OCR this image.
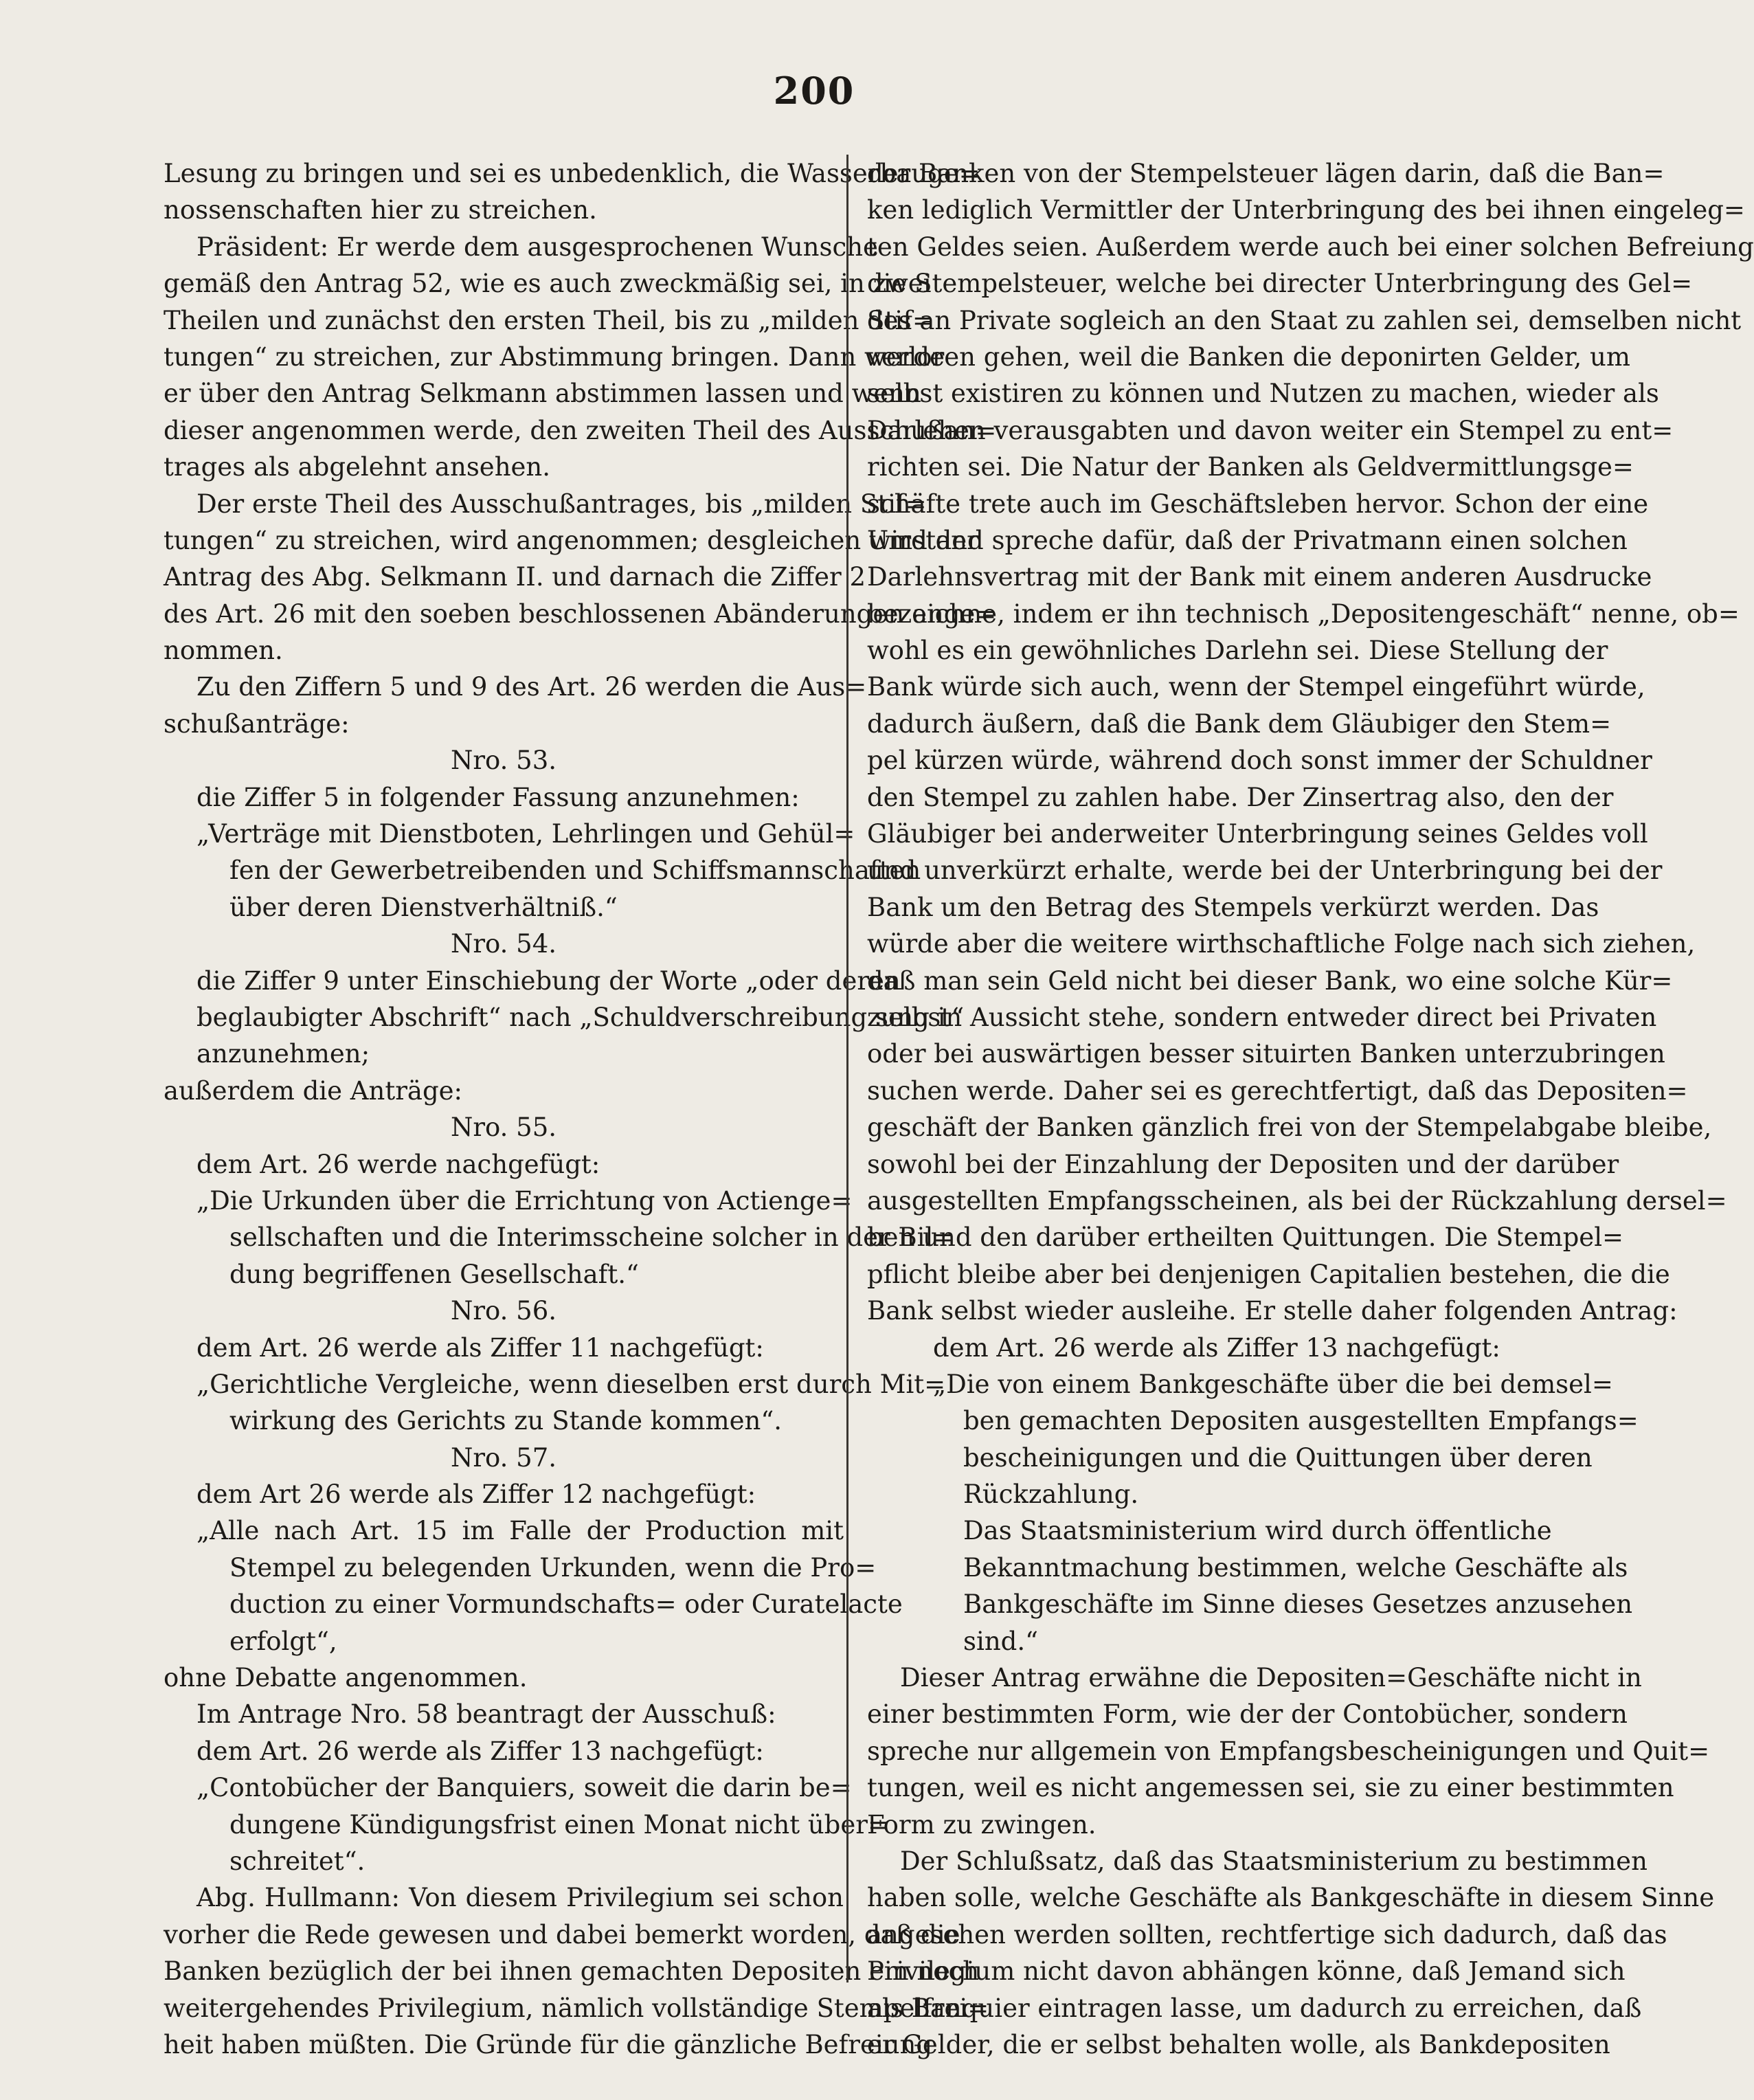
200
Lesung zu bringen und sei es unbedenklich, die Wasserbauge=
nossenschaften hier zu streichen.
Präsident: Er werde dem ausgesprochenen Wunsche
gemäß den Antrag 52, wie es auch zweckmäßig sei, in zwei
Theilen und zunächst den ersten Theil, bis zu „milden Stif=
tungen“ zu streichen, zur Abstimmung bringen. Dann werde
er über den Antrag Selkmann abstimmen lassen und wenn
dieser angenommen werde, den zweiten Theil des Ausschußan=
trages als abgelehnt ansehen.
Der erste Theil des Ausschußantrages, bis „milden Stif=
tungen“ zu streichen, wird angenommen; desgleichen wird der
Antrag des Abg. Selkmann II. und darnach die Ziffer 2
des Art. 26 mit den soeben beschlossenen Abänderungen ange=
nommen.
Zu den Ziffern 5 und 9 des Art. 26 werden die Aus=
schußanträge:
Nro. 53.
die Ziffer 5 in folgender Fassung anzunehmen:
„Verträge mit Dienstboten, Lehrlingen und Gehül=
fen der Gewerbetreibenden und Schiffsmannschaften
über deren Dienstverhältniß.“
Nro. 54.
die Ziffer 9 unter Einschiebung der Worte „oder deren
beglaubigter Abschrift“ nach „Schuldverschreibung selbst“
anzunehmen;
außerdem die Anträge:
Nro. 55.
dem Art. 26 werde nachgefügt:
„Die Urkunden über die Errichtung von Actienge=
sellschaften und die Interimsscheine solcher in der Bil=
dung begriffenen Gesellschaft.“
Nro. 56.
dem Art. 26 werde als Ziffer 11 nachgefügt:
„Gerichtliche Vergleiche, wenn dieselben erst durch Mit=
wirkung des Gerichts zu Stande kommen“.
Nro. 57.
dem Art 26 werde als Ziffer 12 nachgefügt:
„Alle nach Art. 15 im Falle der Production mit
Stempel zu belegenden Urkunden, wenn die Pro=
duction zu einer Vormundschafts= oder Curatelacte
erfolgt“,
ohne Debatte angenommen.
Im Antrage Nro. 58 beantragt der Ausschuß:
dem Art. 26 werde als Ziffer 13 nachgefügt:
„Contobücher der Banquiers, soweit die darin be=
dungene Kündigungsfrist einen Monat nicht über=
schreitet“.
Abg. Hullmann: Von diesem Privilegium sei schon
vorher die Rede gewesen und dabei bemerkt worden, daß die
Banken bezüglich der bei ihnen gemachten Depositen ein noch
weitergehendes Privilegium, nämlich vollständige Stempelfrei=
heit haben müßten. Die Gründe für die gänzliche Befreiung
der Banken von der Stempelsteuer lägen darin, daß die Ban=
ken lediglich Vermittler der Unterbringung des bei ihnen eingeleg=
ten Geldes seien. Außerdem werde auch bei einer solchen Befreiung
die Stempelsteuer, welche bei directer Unterbringung des Gel=
des an Private sogleich an den Staat zu zahlen sei, demselben nicht
verloren gehen, weil die Banken die deponirten Gelder, um
selbst existiren zu können und Nutzen zu machen, wieder als
Darlehen verausgabten und davon weiter ein Stempel zu ent=
richten sei. Die Natur der Banken als Geldvermittlungsge=
schäfte trete auch im Geschäftsleben hervor. Schon der eine
Umstand spreche dafür, daß der Privatmann einen solchen
Darlehnsvertrag mit der Bank mit einem anderen Ausdrucke
bezeichne, indem er ihn technisch „Depositengeschäft“ nenne, ob=
wohl es ein gewöhnliches Darlehn sei. Diese Stellung der
Bank würde sich auch, wenn der Stempel eingeführt würde,
dadurch äußern, daß die Bank dem Gläubiger den Stem=
pel kürzen würde, während doch sonst immer der Schuldner
den Stempel zu zahlen habe. Der Zinsertrag also, den der
Gläubiger bei anderweiter Unterbringung seines Geldes voll
und unverkürzt erhalte, werde bei der Unterbringung bei der
Bank um den Betrag des Stempels verkürzt werden. Das
würde aber die weitere wirthschaftliche Folge nach sich ziehen,
daß man sein Geld nicht bei dieser Bank, wo eine solche Kür=
zung in Aussicht stehe, sondern entweder direct bei Privaten
oder bei auswärtigen besser situirten Banken unterzubringen
suchen werde. Daher sei es gerechtfertigt, daß das Depositen=
geschäft der Banken gänzlich frei von der Stempelabgabe bleibe,
sowohl bei der Einzahlung der Depositen und der darüber
ausgestellten Empfangsscheinen, als bei der Rückzahlung dersel=
ben und den darüber ertheilten Quittungen. Die Stempel=
pflicht bleibe aber bei denjenigen Capitalien bestehen, die die
Bank selbst wieder ausleihe. Er stelle daher folgenden Antrag:
dem Art. 26 werde als Ziffer 13 nachgefügt:
„Die von einem Bankgeschäfte über die bei demsel=
ben gemachten Depositen ausgestellten Empfangs=
bescheinigungen und die Quittungen über deren
Rückzahlung.
Das Staatsministerium wird durch öffentliche
Bekanntmachung bestimmen, welche Geschäfte als
Bankgeschäfte im Sinne dieses Gesetzes anzusehen
sind.“
Dieser Antrag erwähne die Depositen=Geschäfte nicht in
einer bestimmten Form, wie der der Contobücher, sondern
spreche nur allgemein von Empfangsbescheinigungen und Quit=
tungen, weil es nicht angemessen sei, sie zu einer bestimmten
Form zu zwingen.
Der Schlußsatz, daß das Staatsministerium zu bestimmen
haben solle, welche Geschäfte als Bankgeschäfte in diesem Sinne
angesehen werden sollten, rechtfertige sich dadurch, daß das
Privilegium nicht davon abhängen könne, daß Jemand sich
als Banquier eintragen lasse, um dadurch zu erreichen, daß
er Gelder, die er selbst behalten wolle, als Bankdepositen
